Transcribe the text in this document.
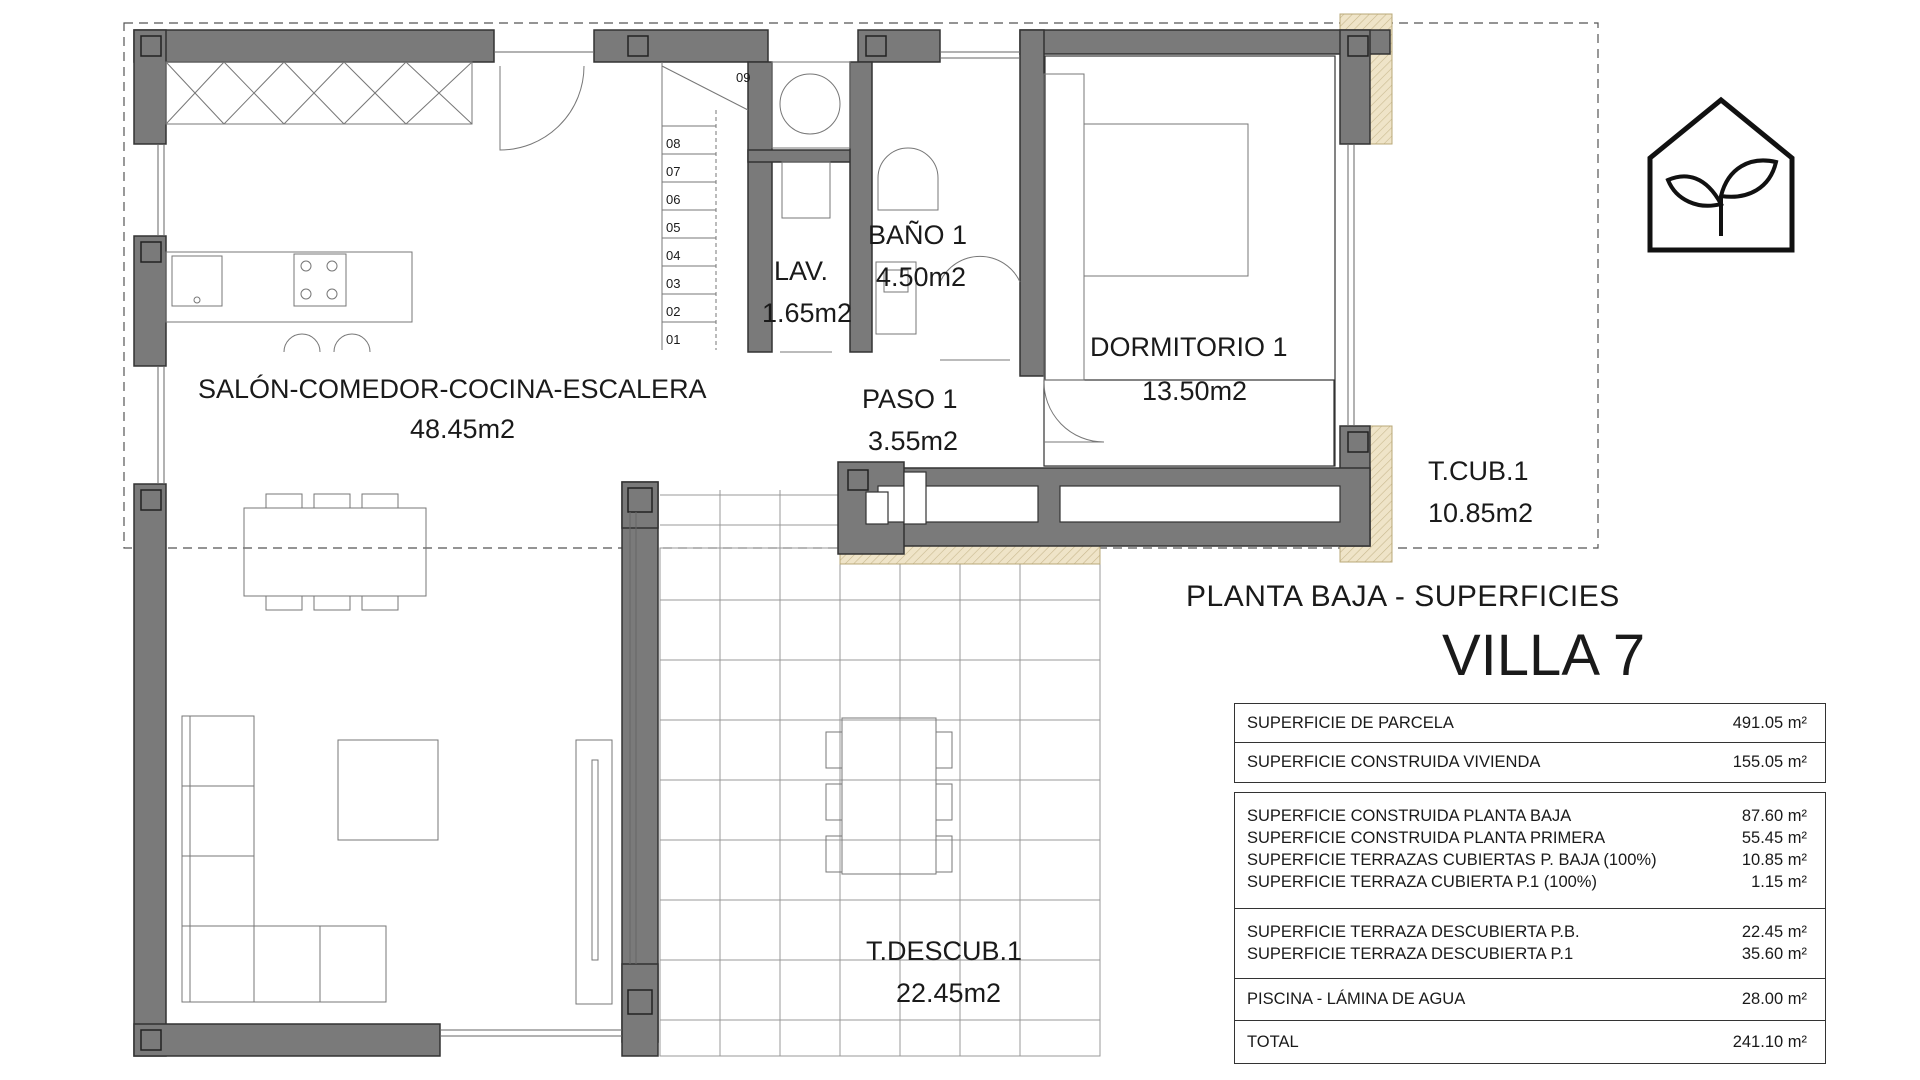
01
02
03
04
05
06
07
08
09
SALÓN-COMEDOR-COCINA-ESCALERA
48.45m2
LAV.
1.65m2
BAÑO 1
4.50m2
DORMITORIO 1
13.50m2
PASO 1
3.55m2
T.CUB.1
10.85m2
T.DESCUB.1
22.45m2
PLANTA BAJA - SUPERFICIES
VILLA 7
SUPERFICIE DE PARCELA	491.05 m²
SUPERFICIE CONSTRUIDA VIVIENDA	155.05 m²
SUPERFICIE CONSTRUIDA PLANTA BAJA	87.60 m²
SUPERFICIE CONSTRUIDA PLANTA PRIMERA	55.45 m²
SUPERFICIE TERRAZAS CUBIERTAS P. BAJA (100%)	10.85 m²
SUPERFICIE TERRAZA CUBIERTA P.1 (100%)	1.15 m²
SUPERFICIE TERRAZA DESCUBIERTA P.B.	22.45 m²
SUPERFICIE TERRAZA DESCUBIERTA P.1	35.60 m²
PISCINA - LÁMINA DE AGUA	28.00 m²
TOTAL	241.10 m²
